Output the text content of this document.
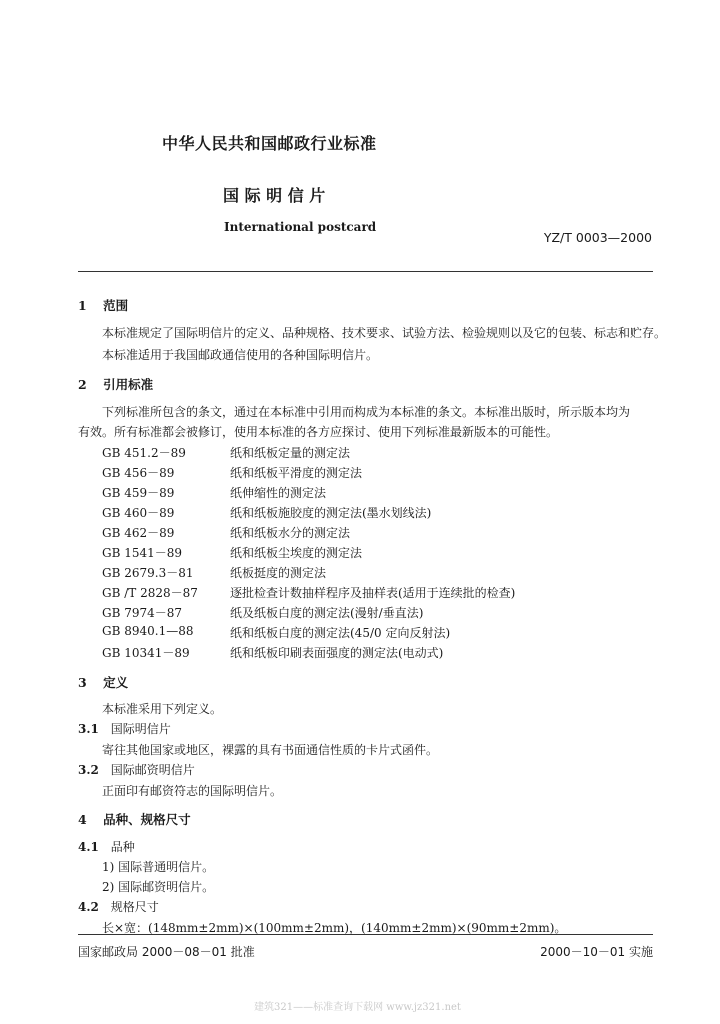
中华人民共和国邮政行业标准
国 际 明 信 片
International postcard
YZ/T 0003—2000
1 范围
本标准规定了国际明信片的定义、品种规格、技术要求、试验方法、检验规则以及它的包装、标志和贮存。
本标准适用于我国邮政通信使用的各种国际明信片。
2 引用标准
下列标准所包含的条文，通过在本标准中引用而构成为本标准的条文。本标准出版时，所示版本均为
有效。所有标准都会被修订，使用本标准的各方应探讨、使用下列标准最新版本的可能性。
GB 451.2－89	纸和纸板定量的测定法
GB 456－89	纸和纸板平滑度的测定法
GB 459－89	纸伸缩性的测定法
GB 460－89	纸和纸板施胶度的测定法(墨水划线法)
GB 462－89	纸和纸板水分的测定法
GB 1541－89	纸和纸板尘埃度的测定法
GB 2679.3－81	纸板挺度的测定法
GB /T 2828－87	逐批检查计数抽样程序及抽样表(适用于连续批的检查)
GB 7974－87	纸及纸板白度的测定法(漫射/垂直法)
GB 8940.1—88	纸和纸板白度的测定法(45/0 定向反射法)
GB 10341－89	纸和纸板印刷表面强度的测定法(电动式)
3 定义
本标准采用下列定义。
3.1 国际明信片
寄往其他国家或地区，裸露的具有书面通信性质的卡片式函件。
3.2 国际邮资明信片
正面印有邮资符志的国际明信片。
4 品种、规格尺寸
4.1 品种
1) 国际普通明信片。
2) 国际邮资明信片。
4.2 规格尺寸
长×宽：(148mm±2mm)×(100mm±2mm)，(140mm±2mm)×(90mm±2mm)。
国家邮政局 2000－08－01 批准	2000－10－01 实施
建筑321——标准查询下载网 www.jz321.net
